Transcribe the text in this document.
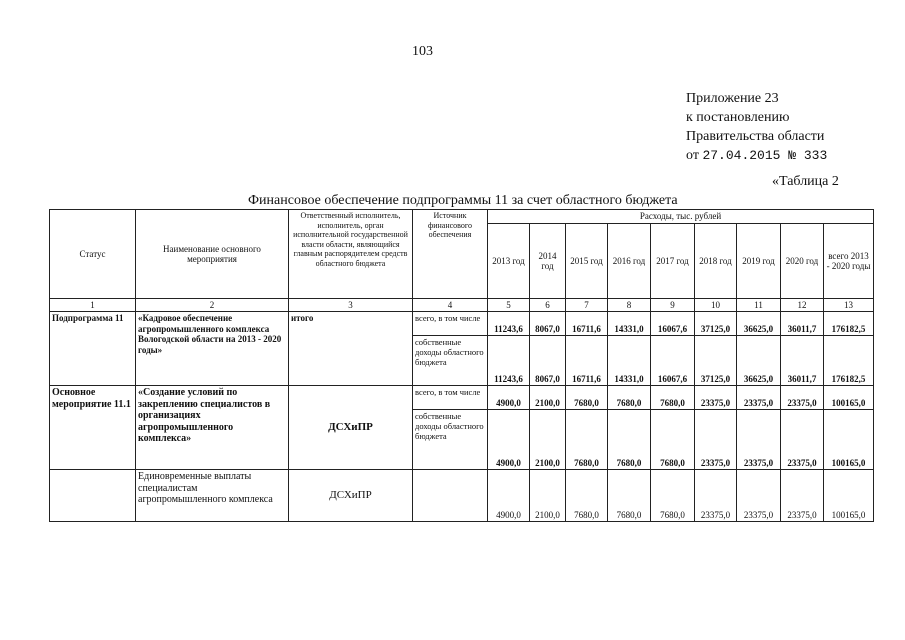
103
Приложение 23
к постановлению
Правительства области
от 27.04.2015 № 333
«Таблица 2
Финансовое обеспечение подпрограммы 11 за счет областного бюджета
Статус	Наименование основного мероприятия	Ответственный исполнитель, исполнитель, орган исполнительной государственной власти области, являющийся главным распорядителем средств областного бюджета	Источник финансового обеспечения	Расходы, тыс. рублей								
				2013 год	2014 год	2015 год	2016 год	2017 год	2018 год	2019 год	2020 год	всего 2013 - 2020 годы
1	2	3	4	5	6	7	8	9	10	11	12	13
Подпрограмма 11	«Кадровое обеспечение агропромышленного комплекса Вологодской области на 2013 - 2020 годы»	итого	всего, в том числе	11243,6	8067,0	16711,6	14331,0	16067,6	37125,0	36625,0	36011,7	176182,5
			собственные доходы областного бюджета	11243,6	8067,0	16711,6	14331,0	16067,6	37125,0	36625,0	36011,7	176182,5
Основное мероприятие 11.1	«Создание условий по закреплению специалистов в организациях агропромышленного комплекса»	ДСХиПР	всего, в том числе	4900,0	2100,0	7680,0	7680,0	7680,0	23375,0	23375,0	23375,0	100165,0
			собственные доходы областного бюджета	4900,0	2100,0	7680,0	7680,0	7680,0	23375,0	23375,0	23375,0	100165,0
	Единовременные выплаты специалистам агропромышленного комплекса	ДСХиПР		4900,0	2100,0	7680,0	7680,0	7680,0	23375,0	23375,0	23375,0	100165,0
